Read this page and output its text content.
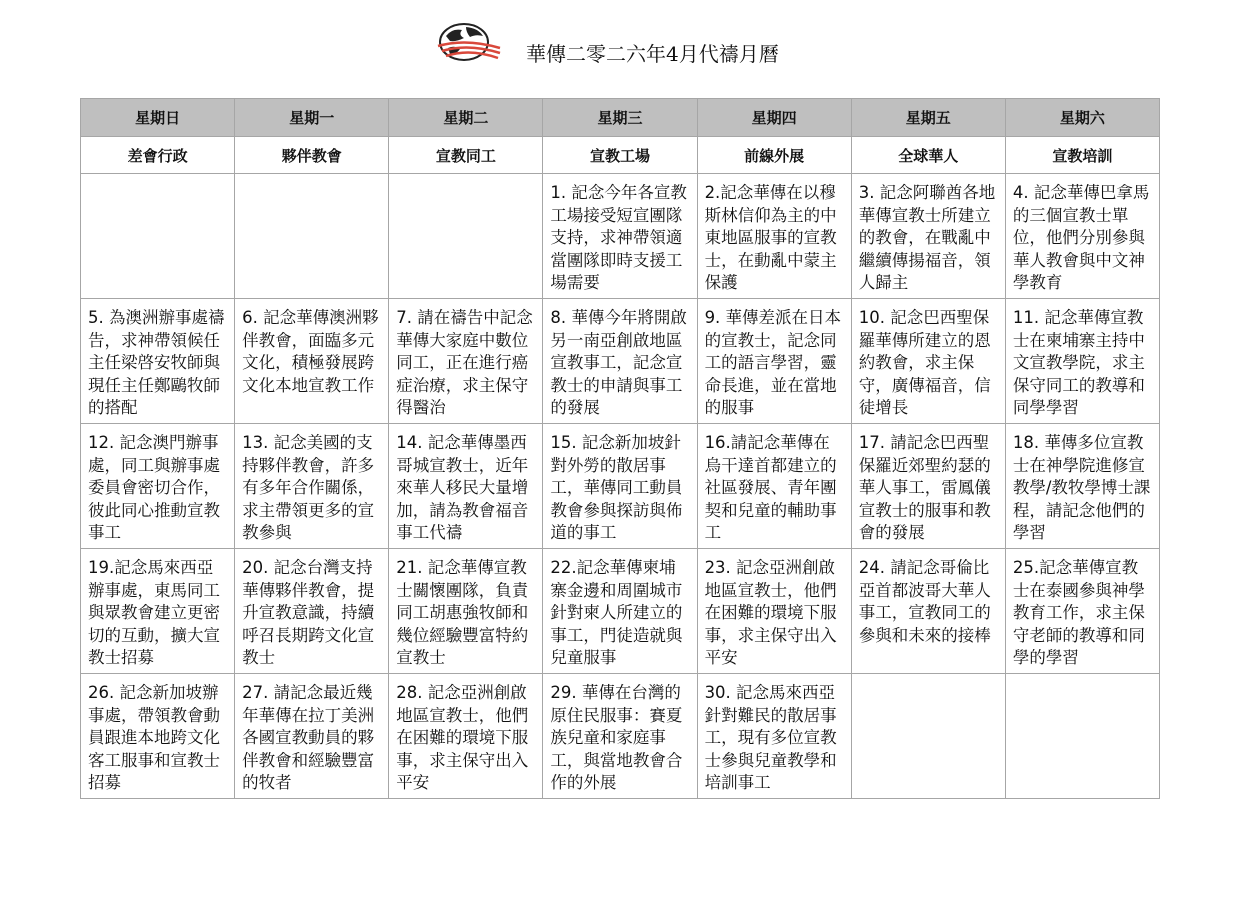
華傳二零二六年4月代禱月曆
星期日	星期一	星期二	星期三	星期四	星期五	星期六
差會行政	夥伴教會	宣教同工	宣教工場	前線外展	全球華人	宣教培訓

			1. 記念今年各宣教工場接受短宣團隊支持，求神帶領適當團隊即時支援工場需要	2.記念華傳在以穆斯林信仰為主的中東地區服事的宣教士，在動亂中蒙主保護	3. 記念阿聯酋各地華傳宣教士所建立的教會，在戰亂中繼續傳揚福音，領人歸主	4. 記念華傳巴拿馬的三個宣教士單位，他們分別參與華人教會與中文神學教育

5. 為澳洲辦事處禱告，求神帶領候任主任梁啓安牧師與現任主任鄭鷗牧師的搭配	6. 記念華傳澳洲夥伴教會，面臨多元文化，積極發展跨文化本地宣教工作	7. 請在禱告中記念華傳大家庭中數位同工，正在進行癌症治療，求主保守得醫治	8. 華傳今年將開啟另一南亞創啟地區宣教事工，記念宣教士的申請與事工的發展	9. 華傳差派在日本的宣教士，記念同工的語言學習，靈命長進，並在當地的服事	10. 記念巴西聖保羅華傳所建立的恩約教會，求主保守，廣傳福音，信徒增長	11. 記念華傳宣教士在柬埔寨主持中文宣教學院，求主保守同工的教導和同學學習

12. 記念澳門辦事處，同工與辦事處委員會密切合作，彼此同心推動宣教事工	13. 記念美國的支持夥伴教會，許多有多年合作關係，求主帶領更多的宣教參與	14. 記念華傳墨西哥城宣教士，近年來華人移民大量增加，請為教會福音事工代禱	15. 記念新加坡針對外勞的散居事工，華傳同工動員教會參與探訪與佈道的事工	16.請記念華傳在烏干達首都建立的社區發展、青年團契和兒童的輔助事工	17. 請記念巴西聖保羅近郊聖約瑟的華人事工，雷鳳儀宣教士的服事和教會的發展	18. 華傳多位宣教士在神學院進修宣教學/教牧學博士課程，請記念他們的學習

19.記念馬來西亞辦事處，東馬同工與眾教會建立更密切的互動，擴大宣教士招募	20. 記念台灣支持華傳夥伴教會，提升宣教意識，持續呼召長期跨文化宣教士	21. 記念華傳宣教士關懷團隊，負責同工胡惠強牧師和幾位經驗豐富特約宣教士	22.記念華傳柬埔寨金邊和周圍城市針對柬人所建立的事工，門徒造就與兒童服事	23. 記念亞洲創啟地區宣教士，他們在困難的環境下服事，求主保守出入平安	24. 請記念哥倫比亞首都波哥大華人事工，宣教同工的參與和未來的接棒	25.記念華傳宣教士在泰國參與神學教育工作，求主保守老師的教導和同學的學習

26. 記念新加坡辦事處，帶領教會動員跟進本地跨文化客工服事和宣教士招募	27. 請記念最近幾年華傳在拉丁美洲各國宣教動員的夥伴教會和經驗豐富的牧者	28. 記念亞洲創啟地區宣教士，他們在困難的環境下服事，求主保守出入平安	29. 華傳在台灣的原住民服事：賽夏族兒童和家庭事工，與當地教會合作的外展	30. 記念馬來西亞針對難民的散居事工，現有多位宣教士參與兒童教學和培訓事工		
